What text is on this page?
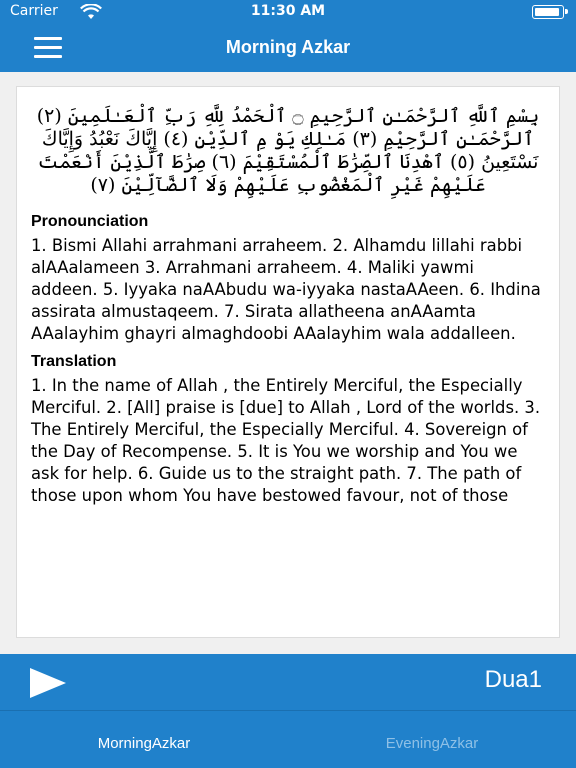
Carrier	11:30 AM
Morning Azkar

بِسْمِ ٱللَّهِ ٱلرَّحْمَـٰنِ ٱلرَّحِيمِ ۝ ٱلْحَمْدُ لِلَّهِ رَبِّ ٱلْعَـٰلَمِينَ (٢) ٱلرَّحْمَـٰنِ ٱلرَّحِيْمِ (٣) مَـٰلِكِ يَوْ مِ ٱلدِّيْنِ (٤) إِيَّاكَ نَعْبُدُ وَإِيَّاكَ نَسْتَعِينُ (٥) ٱهْدِنَا ٱلصِّرَٰطَ ٱلْمُسْتَقِيْمَ (٦) صِرَٰطَ ٱلَّذِيْنَ أَنْعَمْتَ عَلَيْهِمْ غَيْرِ ٱلْمَغْضُوبِ عَلَيْهِمْ وَلَا ٱلضَّآلِّيْنَ (٧)

Pronounciation

1. Bismi Allahi arrahmani arraheem. 2. Alhamdu lillahi rabbi alAAalameen 3. Arrahmani arraheem. 4. Maliki yawmi addeen. 5. Iyyaka naAAbudu wa-iyyaka nastaAAeen. 6. Ihdina assirata almustaqeem. 7. Sirata allatheena anAAamta AAalayhim ghayri almaghdoobi AAalayhim wala addalleen.

Translation

1. In the name of Allah , the Entirely Merciful, the Especially Merciful. 2. [All] praise is [due] to Allah , Lord of the worlds. 3. The Entirely Merciful, the Especially Merciful. 4. Sovereign of the Day of Recompense. 5. It is You we worship and You we ask for help. 6. Guide us to the straight path. 7. The path of those upon whom You have bestowed favour, not of those

Dua1
MorningAzkar	EveningAzkar
